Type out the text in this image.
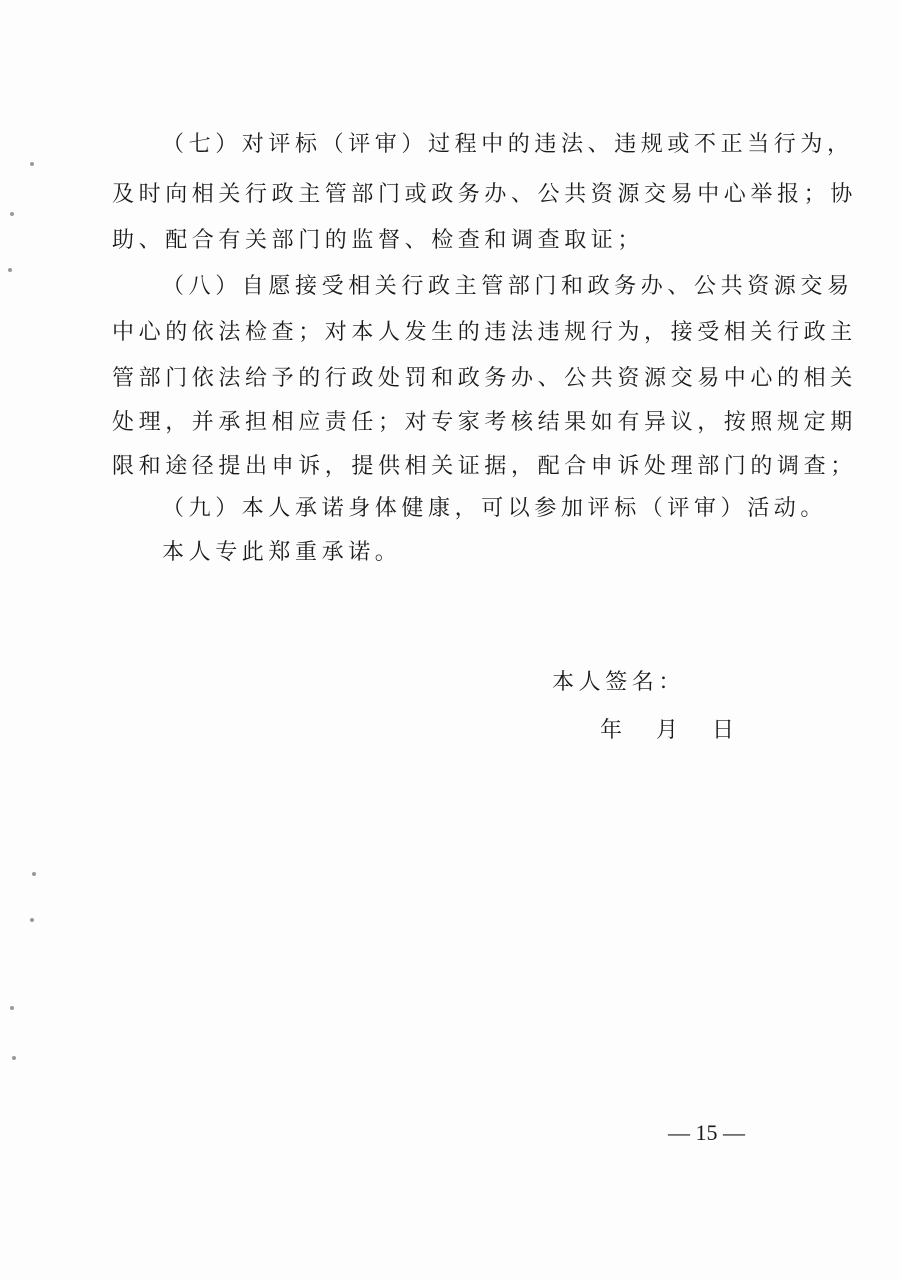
（七）对评标（评审）过程中的违法、违规或不正当行为，
及时向相关行政主管部门或政务办、公共资源交易中心举报；协
助、配合有关部门的监督、检查和调查取证；
（八）自愿接受相关行政主管部门和政务办、公共资源交易
中心的依法检查；对本人发生的违法违规行为，接受相关行政主
管部门依法给予的行政处罚和政务办、公共资源交易中心的相关
处理，并承担相应责任；对专家考核结果如有异议，按照规定期
限和途径提出申诉，提供相关证据，配合申诉处理部门的调查；
（九）本人承诺身体健康，可以参加评标（评审）活动。
本人专此郑重承诺。
本人签名：
年 月 日
— 15 —
